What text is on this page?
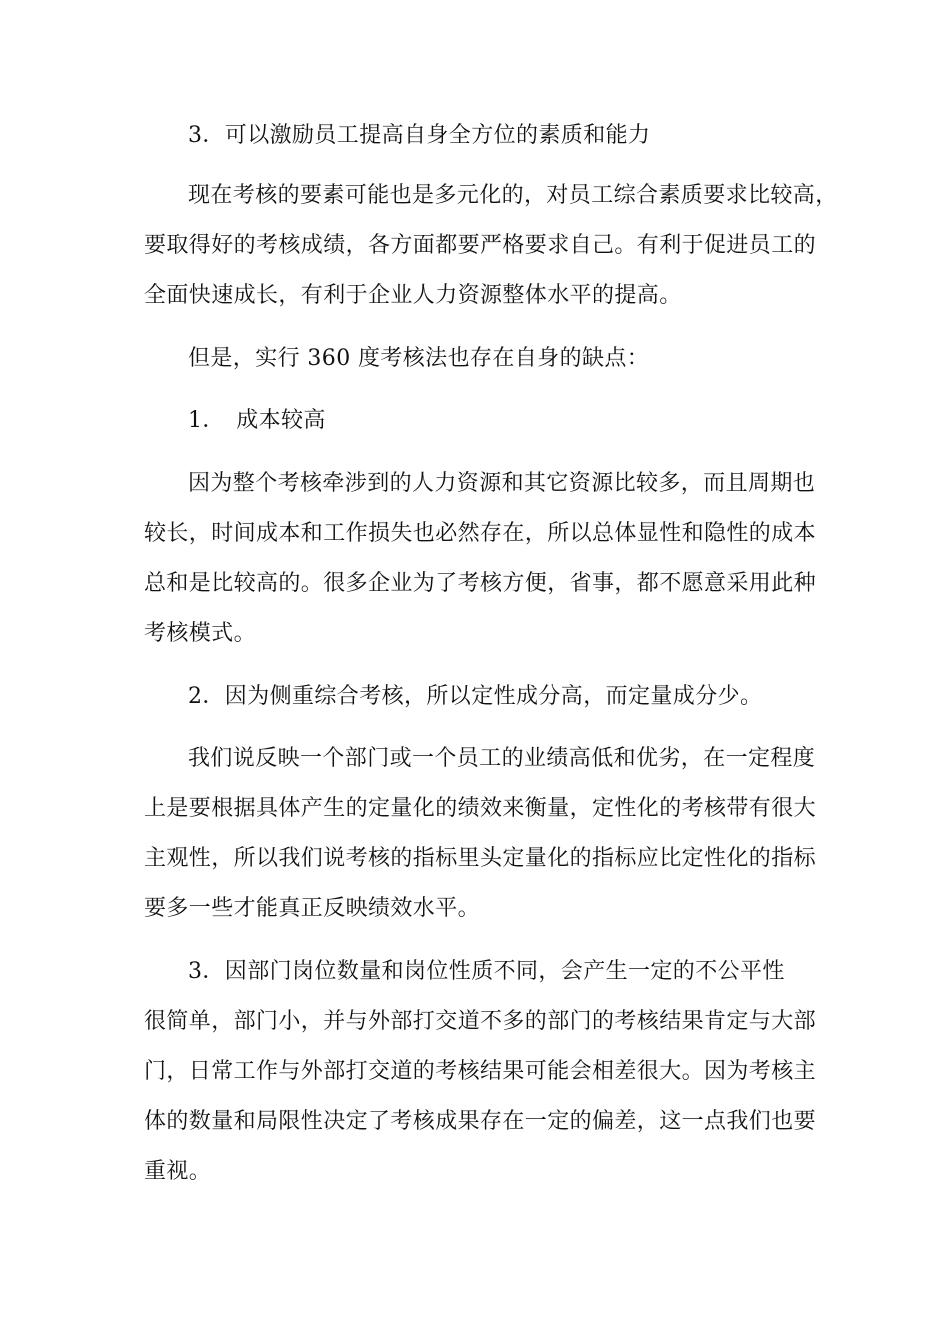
3．可以激励员工提高自身全方位的素质和能力
现在考核的要素可能也是多元化的，对员工综合素质要求比较高，
要取得好的考核成绩，各方面都要严格要求自己。有利于促进员工的
全面快速成长，有利于企业人力资源整体水平的提高。
但是，实行 360 度考核法也存在自身的缺点：
1．　成本较高
因为整个考核牵涉到的人力资源和其它资源比较多，而且周期也
较长，时间成本和工作损失也必然存在，所以总体显性和隐性的成本
总和是比较高的。很多企业为了考核方便，省事，都不愿意采用此种
考核模式。
2．因为侧重综合考核，所以定性成分高，而定量成分少。
我们说反映一个部门或一个员工的业绩高低和优劣，在一定程度
上是要根据具体产生的定量化的绩效来衡量，定性化的考核带有很大
主观性，所以我们说考核的指标里头定量化的指标应比定性化的指标
要多一些才能真正反映绩效水平。
3．因部门岗位数量和岗位性质不同，会产生一定的不公平性
很简单，部门小，并与外部打交道不多的部门的考核结果肯定与大部
门，日常工作与外部打交道的考核结果可能会相差很大。因为考核主
体的数量和局限性决定了考核成果存在一定的偏差，这一点我们也要
重视。
